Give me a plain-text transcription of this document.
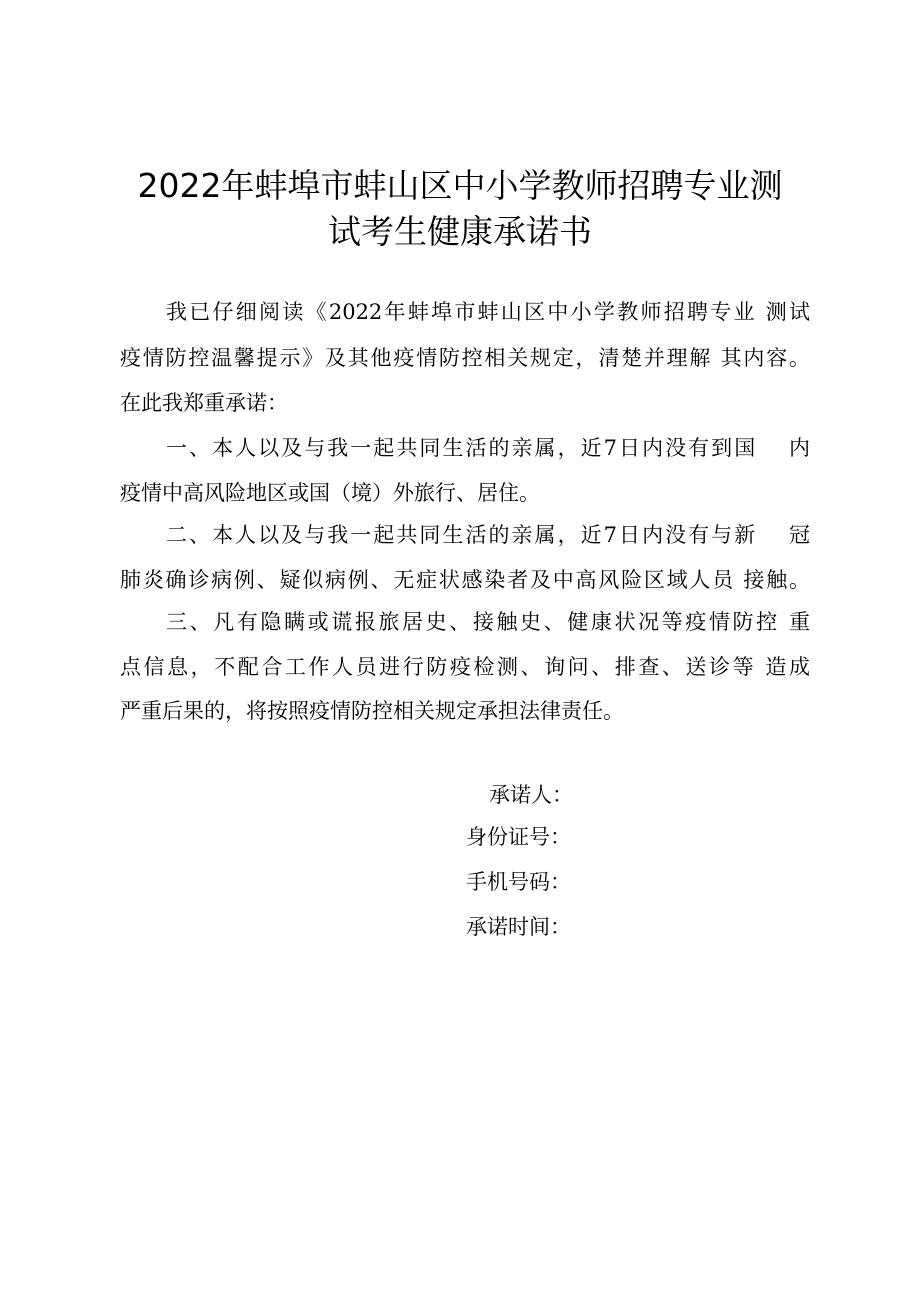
2022年蚌埠市蚌山区中小学教师招聘专业测
试考生健康承诺书
我已仔细阅读《2022年蚌埠市蚌山区中小学教师招聘专业 测试
疫情防控温馨提示》及其他疫情防控相关规定，清楚并理解 其内容。
在此我郑重承诺：
一、本人以及与我一起共同生活的亲属，近7日内没有到国　 内
疫情中高风险地区或国（境）外旅行、居住。
二、本人以及与我一起共同生活的亲属，近7日内没有与新　 冠
肺炎确诊病例、疑似病例、无症状感染者及中高风险区域人员 接触。
三、凡有隐瞒或谎报旅居史、接触史、健康状况等疫情防控 重
点信息，不配合工作人员进行防疫检测、询问、排查、送诊等 造成
严重后果的，将按照疫情防控相关规定承担法律责任。
承诺人：
身份证号：
手机号码：
承诺时间：
